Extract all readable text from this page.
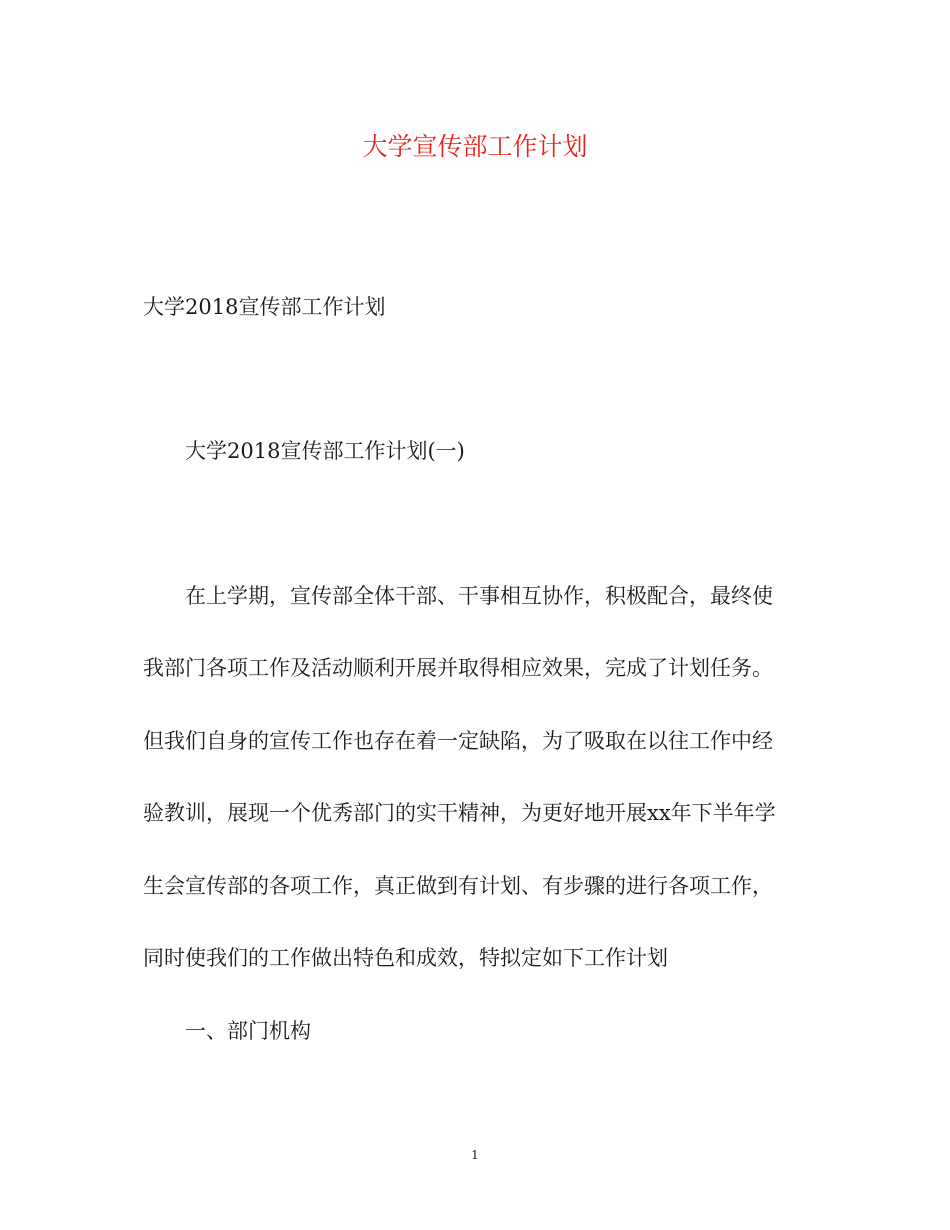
大学宣传部工作计划
大学2018宣传部工作计划
大学2018宣传部工作计划(一)
在上学期，宣传部全体干部、干事相互协作，积极配合，最终使
我部门各项工作及活动顺利开展并取得相应效果，完成了计划任务。
但我们自身的宣传工作也存在着一定缺陷，为了吸取在以往工作中经
验教训，展现一个优秀部门的实干精神，为更好地开展xx年下半年学
生会宣传部的各项工作，真正做到有计划、有步骤的进行各项工作，
同时使我们的工作做出特色和成效，特拟定如下工作计划
一、部门机构
1
